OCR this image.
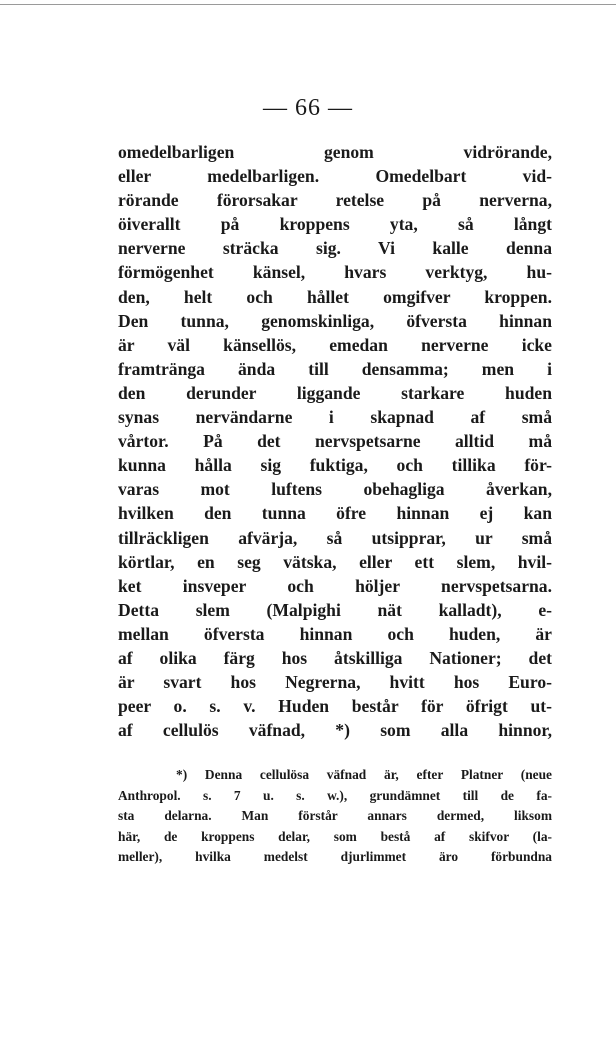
— 66 —
omedelbarligen genom vidrörande,
eller medelbarligen. Omedelbart vid-
rörande förorsakar retelse på nerverna,
öiverallt på kroppens yta, så långt
nerverne sträcka sig. Vi kalle denna
förmögenhet känsel, hvars verktyg, hu-
den, helt och hållet omgifver kroppen.
Den tunna, genomskinliga, öfversta hinnan
är väl känsellös, emedan nerverne icke
framtränga ända till densamma; men i
den derunder liggande starkare huden
synas nervändarne i skapnad af små
vårtor. På det nervspetsarne alltid må
kunna hålla sig fuktiga, och tillika för-
varas mot luftens obehagliga åverkan,
hvilken den tunna öfre hinnan ej kan
tillräckligen afvärja, så utsipprar, ur små
körtlar, en seg vätska, eller ett slem, hvil-
ket insveper och höljer nervspetsarna.
Detta slem (Malpighi nät kalladt), e-
mellan öfversta hinnan och huden, är
af olika färg hos åtskilliga Nationer; det
är svart hos Negrerna, hvitt hos Euro-
peer o. s. v. Huden består för öfrigt ut-
af cellulös väfnad, *) som alla hinnor,
*) Denna cellulösa väfnad är, efter Platner (neue
Anthropol. s. 7 u. s. w.), grundämnet till de fa-
sta delarna. Man förstår annars dermed, liksom
här, de kroppens delar, som bestå af skifvor (la-
meller), hvilka medelst djurlimmet äro förbundna
